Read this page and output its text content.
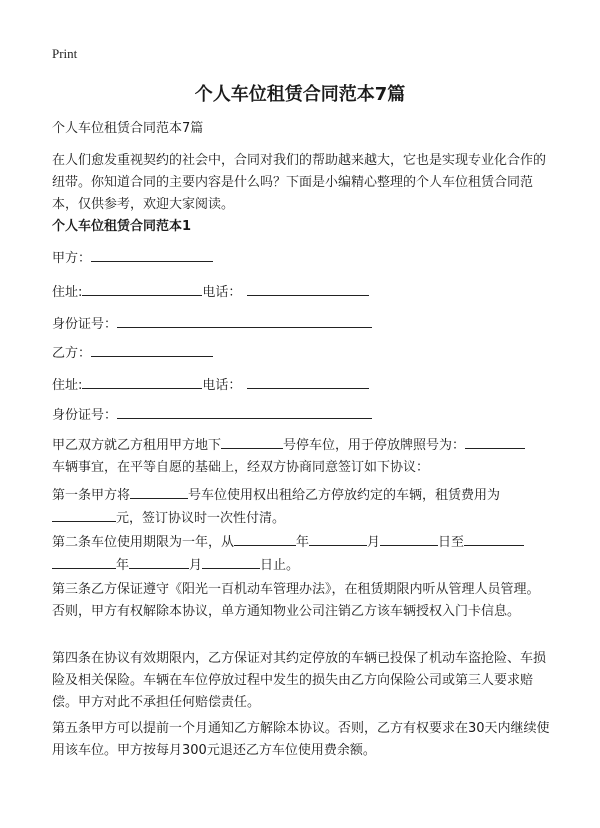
Print
个人车位租赁合同范本7篇

个人车位租赁合同范本7篇

在人们愈发重视契约的社会中，合同对我们的帮助越来越大，它也是实现专业化合作的纽带。你知道合同的主要内容是什么吗？下面是小编精心整理的个人车位租赁合同范本，仅供参考，欢迎大家阅读。

个人车位租赁合同范本1

甲方：
住址:	电话：
身份证号：
乙方：
住址:	电话：
身份证号：

甲乙双方就乙方租用甲方地下	号停车位，用于停放牌照号为：
车辆事宜，在平等自愿的基础上，经双方协商同意签订如下协议：

第一条甲方将	号车位使用权出租给乙方停放约定的车辆，租赁费用为
元，签订协议时一次性付清。

第二条车位使用期限为一年，从	年	月	日至
年	月	日止。

第三条乙方保证遵守《阳光一百机动车管理办法》，在租赁期限内听从管理人员管理。否则，甲方有权解除本协议，单方通知物业公司注销乙方该车辆授权入门卡信息。

第四条在协议有效期限内，乙方保证对其约定停放的车辆已投保了机动车盗抢险、车损险及相关保险。车辆在车位停放过程中发生的损失由乙方向保险公司或第三人要求赔偿。甲方对此不承担任何赔偿责任。

第五条甲方可以提前一个月通知乙方解除本协议。否则，乙方有权要求在30天内继续使用该车位。甲方按每月300元退还乙方车位使用费余额。
